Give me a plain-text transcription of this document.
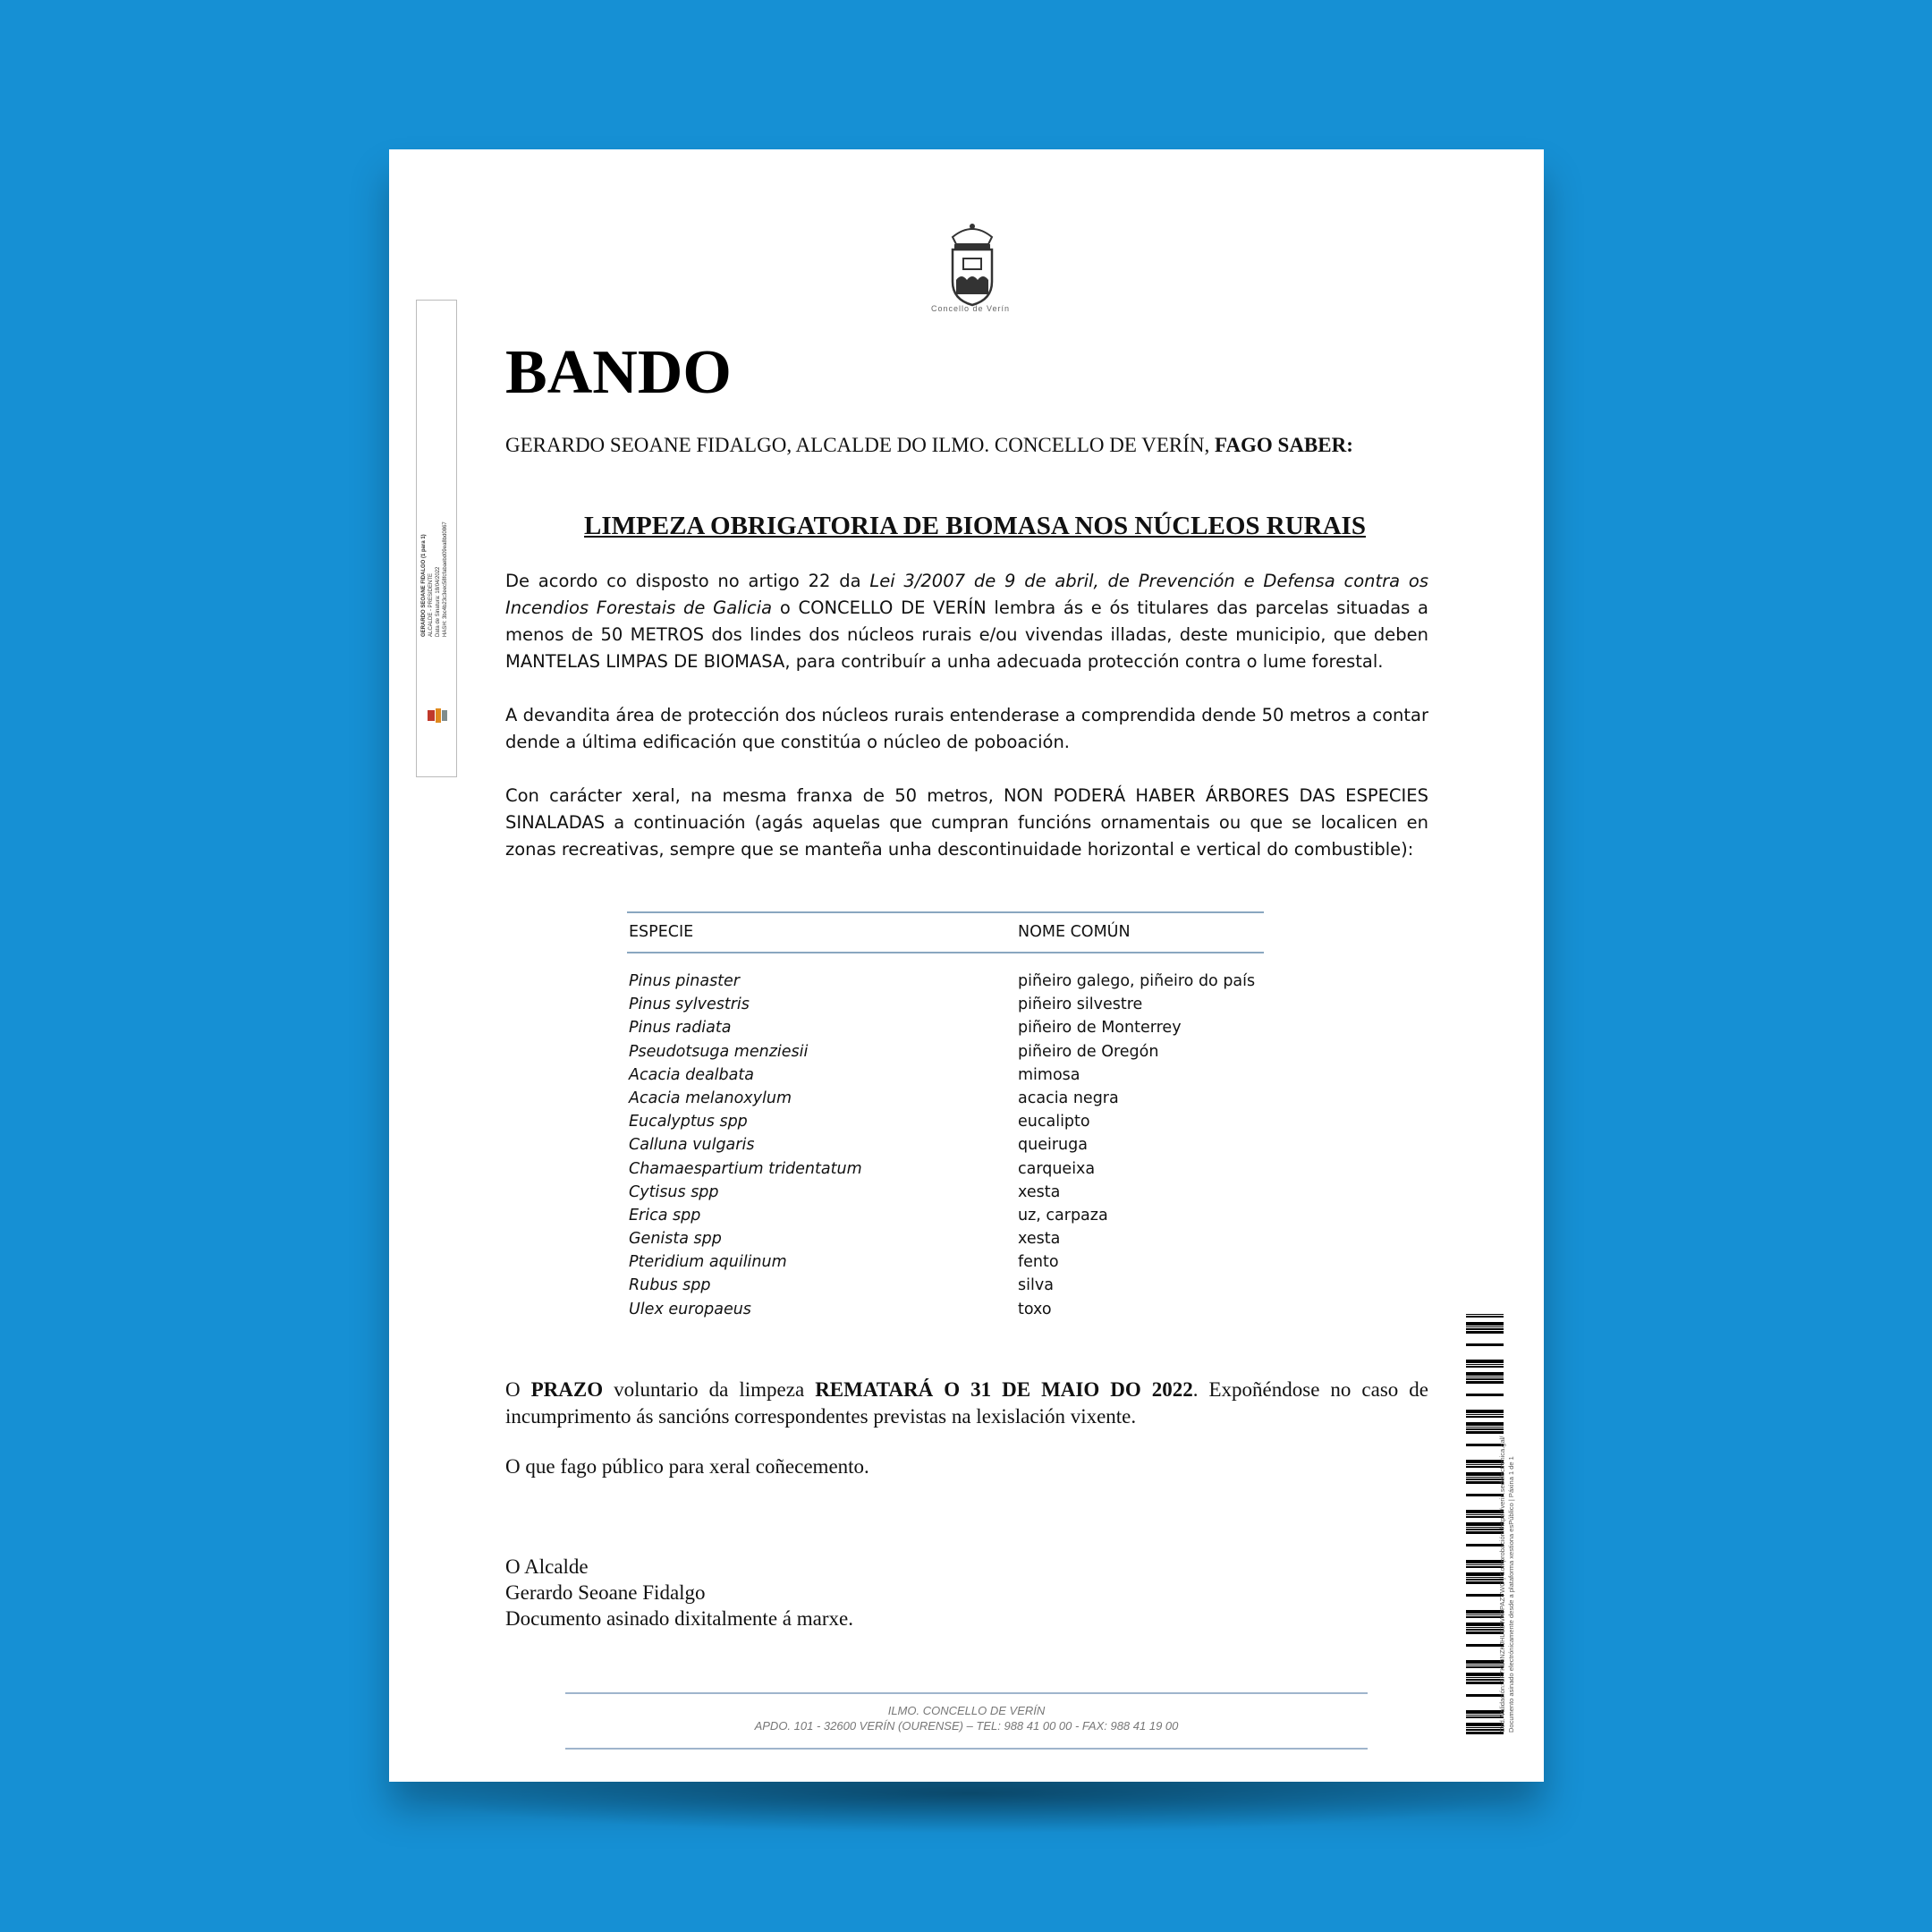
Concello de Verín
GERARDO SEOANE FIDALGO (1 para 1) ALCALDE - PRESIDENTE Data de Sinatura: 18/04/2022 HASH: 3bc4b23c3eec58fcfabaebd09ea8bd0867
BANDO
GERARDO SEOANE FIDALGO, ALCALDE DO ILMO. CONCELLO DE VERÍN, FAGO SABER:
LIMPEZA OBRIGATORIA DE BIOMASA NOS NÚCLEOS RURAIS
De acordo co disposto no artigo 22 da Lei 3/2007 de 9 de abril, de Prevención e Defensa contra os Incendios Forestais de Galicia o CONCELLO DE VERÍN lembra ás e ós titulares das parcelas situadas a menos de 50 METROS dos lindes dos núcleos rurais e/ou vivendas illadas, deste municipio, que deben MANTELAS LIMPAS DE BIOMASA, para contribuír a unha adecuada protección contra o lume forestal.
A devandita área de protección dos núcleos rurais entenderase a comprendida dende 50 metros a contar dende a última edificación que constitúa o núcleo de poboación.
Con carácter xeral, na mesma franxa de 50 metros, NON PODERÁ HABER ÁRBORES DAS ESPECIES SINALADAS a continuación (agás aquelas que cumpran funcións ornamentais ou que se localicen en zonas recreativas, sempre que se manteña unha descontinuidade horizontal e vertical do combustible):
ESPECIE	NOME COMÚN
Pinus pinaster	piñeiro galego, piñeiro do país
Pinus sylvestris	piñeiro silvestre
Pinus radiata	piñeiro de Monterrey
Pseudotsuga menziesii	piñeiro de Oregón
Acacia dealbata	mimosa
Acacia melanoxylum	acacia negra
Eucalyptus spp	eucalipto
Calluna vulgaris	queiruga
Chamaespartium tridentatum	carqueixa
Cytisus spp	xesta
Erica spp	uz, carpaza
Genista spp	xesta
Pteridium aquilinum	fento
Rubus spp	silva
Ulex europaeus	toxo
O PRAZO voluntario da limpeza REMATARÁ O 31 DE MAIO DO 2022. Expoñéndose no caso de incumprimento ás sancións correspondentes previstas na lexislación vixente.
O que fago público para xeral coñecemento.
O Alcalde
Gerardo Seoane Fidalgo
Documento asinado dixitalmente á marxe.
ILMO. CONCELLO DE VERÍN
APDO. 101 - 32600 VERÍN (OURENSE) – TEL: 988 41 00 00 - FAX: 988 41 19 00	Cód. Validación: 3F7KL9NZKJHLCZWK9PAZYWG | Comprobación: https://verin.sedelectronica.gal/
Documento asinado electrónicamente desde a plataforma xestiona esPúblico | Páxina 1 de 1
